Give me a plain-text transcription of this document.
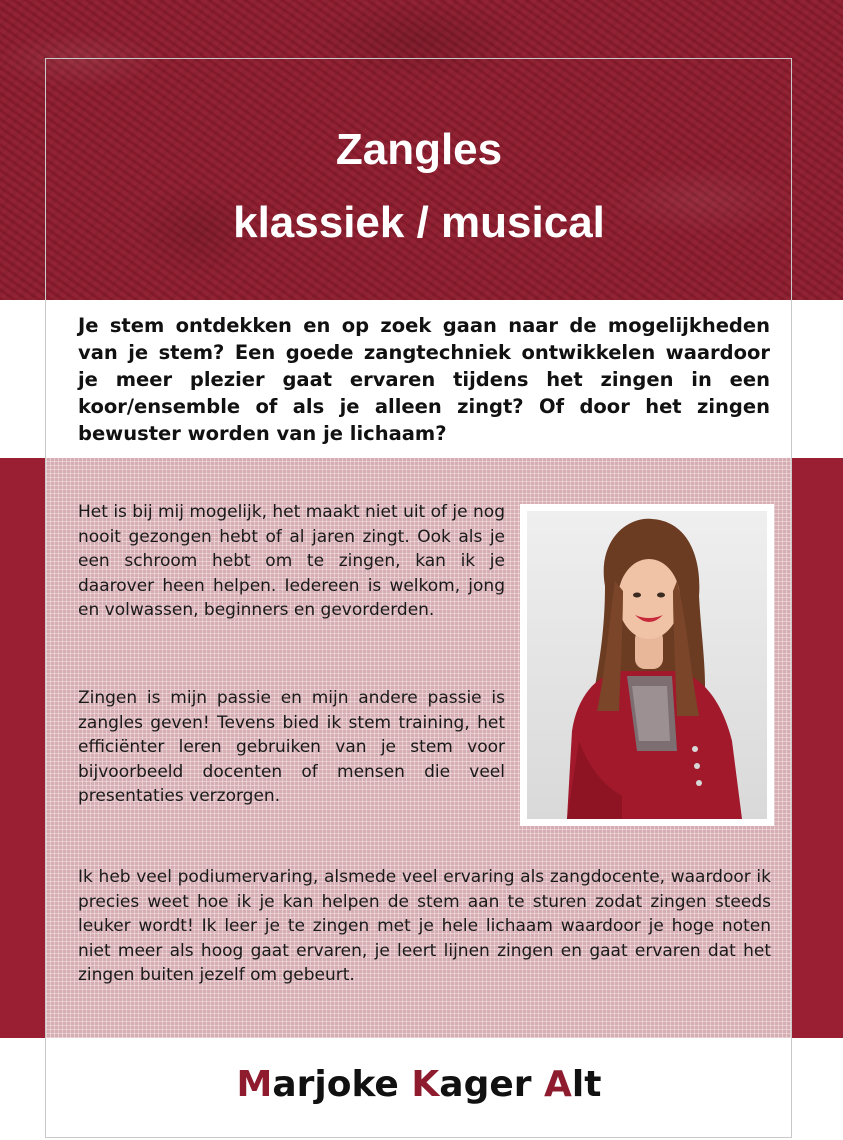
Zangles
klassiek / musical

Je stem ontdekken en op zoek gaan naar de mogelijkheden van je stem? Een goede zangtechniek ontwikkelen waardoor je meer plezier gaat ervaren tijdens het zingen in een koor/ensemble of als je alleen zingt? Of door het zingen bewuster worden van je lichaam?

Het is bij mij mogelijk, het maakt niet uit of je nog nooit gezongen hebt of al jaren zingt. Ook als je een schroom hebt om te zingen, kan ik je daarover heen helpen. Iedereen is welkom, jong en volwassen, beginners en gevorderden.

Zingen is mijn passie en mijn andere passie is zangles geven! Tevens bied ik stem training, het efficiënter leren gebruiken van je stem voor bijvoorbeeld docenten of mensen die veel presentaties verzorgen.

Ik heb veel podiumervaring, alsmede veel ervaring als zangdocente, waardoor ik precies weet hoe ik je kan helpen de stem aan te sturen zodat zingen steeds leuker wordt! Ik leer je te zingen met je hele lichaam waardoor je hoge noten niet meer als hoog gaat ervaren, je leert lijnen zingen en gaat ervaren dat het zingen buiten jezelf om gebeurt.

Marjoke Kager Alt
